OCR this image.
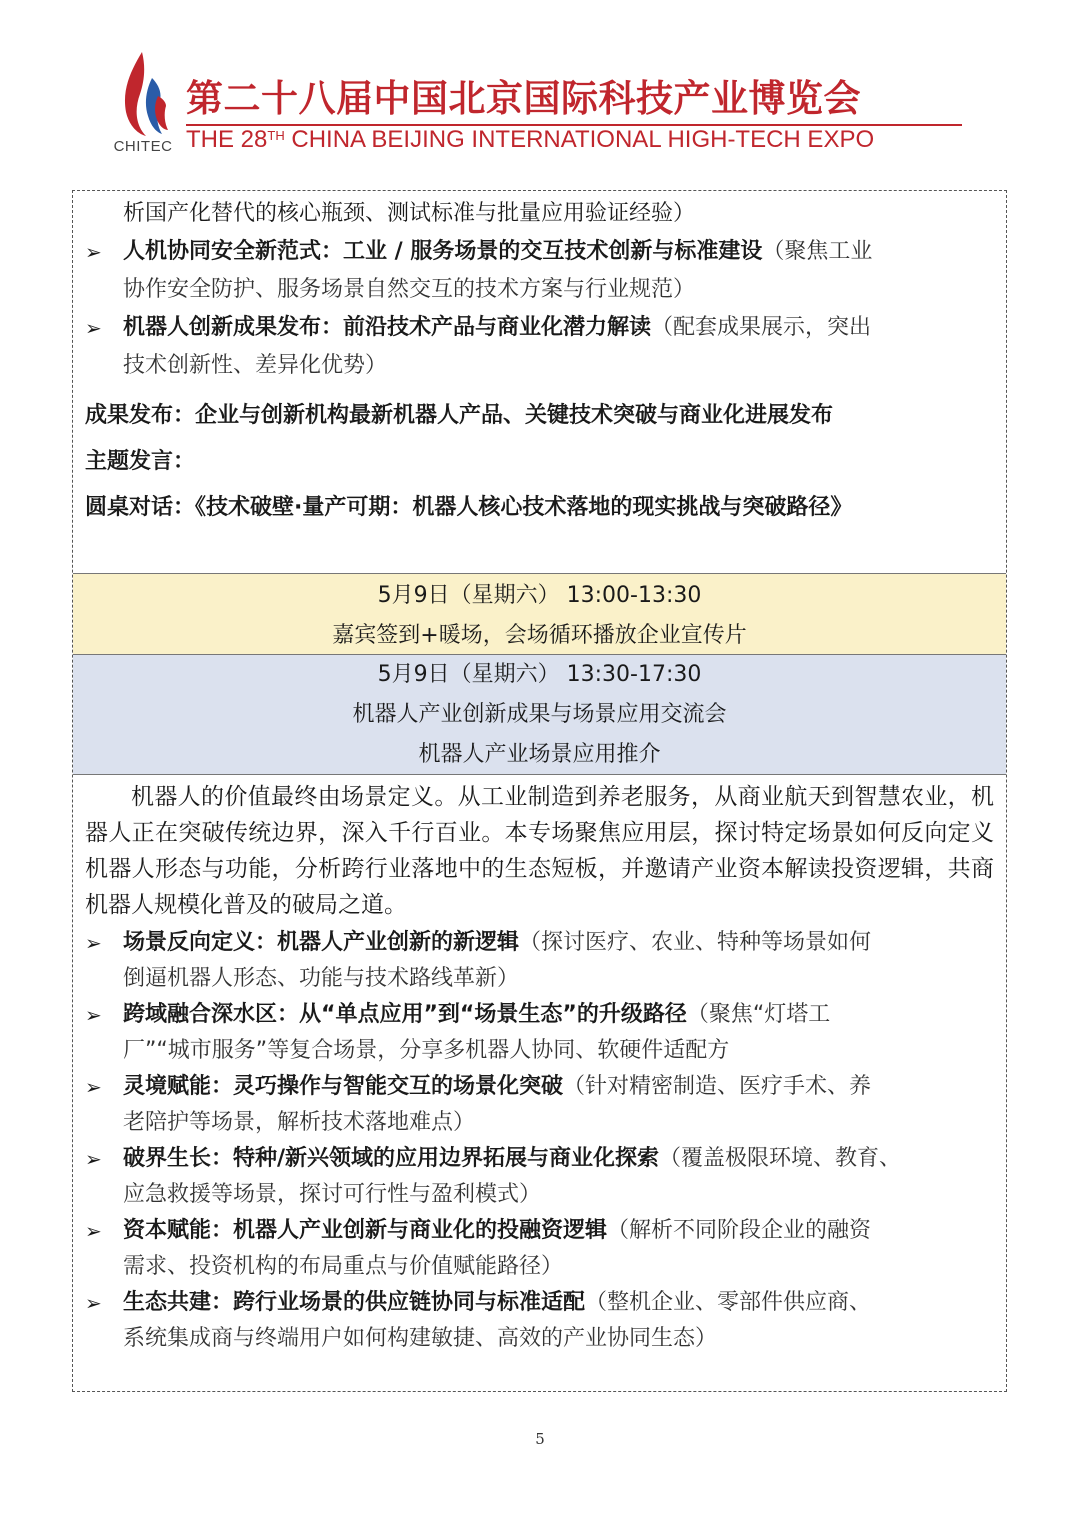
CHITEC
第二十八届中国北京国际科技产业博览会
THE 28TH CHINA BEIJING INTERNATIONAL HIGH-TECH EXPO
析国产化替代的核心瓶颈、测试标准与批量应用验证经验）
➢ 人机协同安全新范式：工业 / 服务场景的交互技术创新与标准建设（聚焦工业
协作安全防护、服务场景自然交互的技术方案与行业规范）
➢ 机器人创新成果发布：前沿技术产品与商业化潜力解读（配套成果展示，突出
技术创新性、差异化优势）
成果发布：企业与创新机构最新机器人产品、关键技术突破与商业化进展发布
主题发言：
圆桌对话：《技术破壁·量产可期：机器人核心技术落地的现实挑战与突破路径》
5月9日（星期六） 13:00-13:30
嘉宾签到+暖场，会场循环播放企业宣传片
5月9日（星期六） 13:30-17:30
机器人产业创新成果与场景应用交流会
机器人产业场景应用推介
机器人的价值最终由场景定义。从工业制造到养老服务，从商业航天到智慧农业，机器人正在突破传统边界，深入千行百业。本专场聚焦应用层，探讨特定场景如何反向定义机器人形态与功能，分析跨行业落地中的生态短板，并邀请产业资本解读投资逻辑，共商机器人规模化普及的破局之道。
➢ 场景反向定义：机器人产业创新的新逻辑（探讨医疗、农业、特种等场景如何
倒逼机器人形态、功能与技术路线革新）
➢ 跨域融合深水区：从“单点应用”到“场景生态”的升级路径（聚焦“灯塔工
厂”“城市服务”等复合场景，分享多机器人协同、软硬件适配方
➢ 灵境赋能：灵巧操作与智能交互的场景化突破（针对精密制造、医疗手术、养
老陪护等场景，解析技术落地难点）
➢ 破界生长：特种/新兴领域的应用边界拓展与商业化探索（覆盖极限环境、教育、
应急救援等场景，探讨可行性与盈利模式）
➢ 资本赋能：机器人产业创新与商业化的投融资逻辑（解析不同阶段企业的融资
需求、投资机构的布局重点与价值赋能路径）
➢ 生态共建：跨行业场景的供应链协同与标准适配（整机企业、零部件供应商、
系统集成商与终端用户如何构建敏捷、高效的产业协同生态）
5
